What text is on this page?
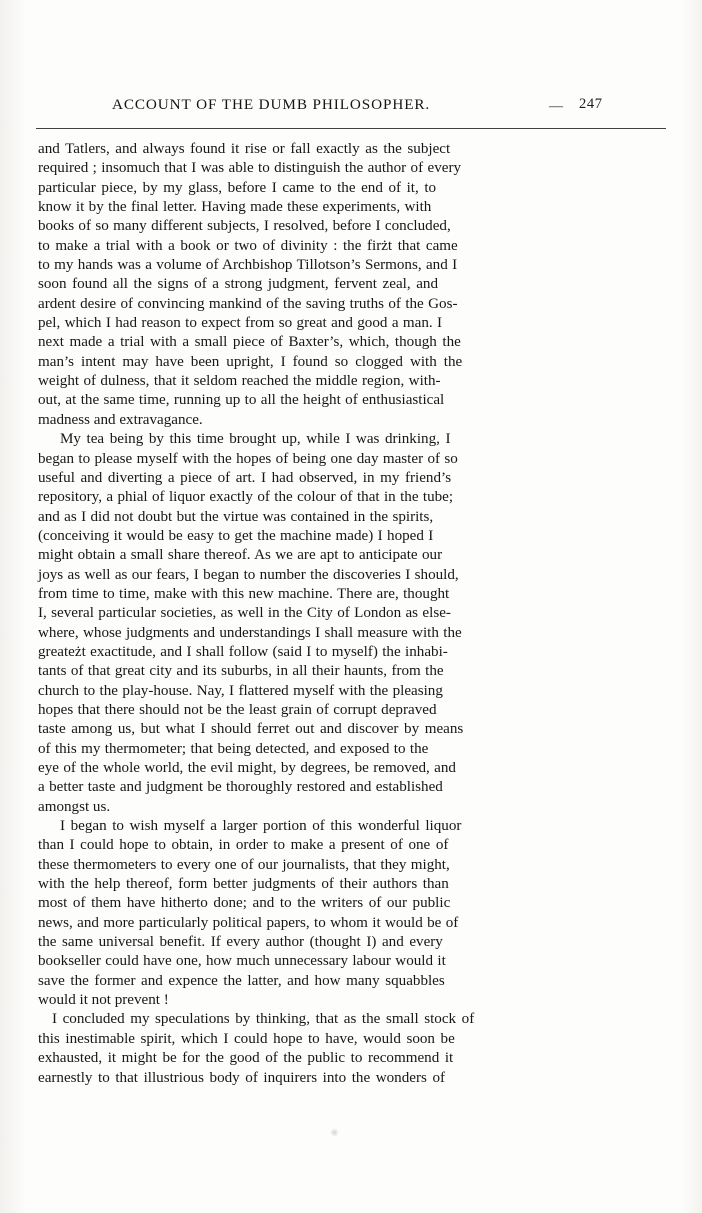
ACCOUNT OF THE DUMB PHILOSOPHER.	— 247
and Tatlers, and always found it rise or fall exactly as the subject
required ; insomuch that I was able to distinguish the author of every
particular piece, by my glass, before I came to the end of it, to
know it by the final letter. Having made these experiments, with
books of so many different subjects, I resolved, before I concluded,
to make a trial with a book or two of divinity : the firżt that came
to my hands was a volume of Archbishop Tillotson’s Sermons, and I
soon found all the signs of a strong judgment, fervent zeal, and
ardent desire of convincing mankind of the saving truths of the Gos-
pel, which I had reason to expect from so great and good a man. I
next made a trial with a small piece of Baxter’s, which, though the
man’s intent may have been upright, I found so clogged with the
weight of dulness, that it seldom reached the middle region, with-
out, at the same time, running up to all the height of enthusiastical
madness and extravagance.
My tea being by this time brought up, while I was drinking, I
began to please myself with the hopes of being one day master of so
useful and diverting a piece of art. I had observed, in my friend’s
repository, a phial of liquor exactly of the colour of that in the tube;
and as I did not doubt but the virtue was contained in the spirits,
(conceiving it would be easy to get the machine made) I hoped I
might obtain a small share thereof. As we are apt to anticipate our
joys as well as our fears, I began to number the discoveries I should,
from time to time, make with this new machine. There are, thought
I, several particular societies, as well in the City of London as else-
where, whose judgments and understandings I shall measure with the
greateżt exactitude, and I shall follow (said I to myself) the inhabi-
tants of that great city and its suburbs, in all their haunts, from the
church to the play-house. Nay, I flattered myself with the pleasing
hopes that there should not be the least grain of corrupt depraved
taste among us, but what I should ferret out and discover by means
of this my thermometer; that being detected, and exposed to the
eye of the whole world, the evil might, by degrees, be removed, and
a better taste and judgment be thoroughly restored and established
amongst us.
I began to wish myself a larger portion of this wonderful liquor
than I could hope to obtain, in order to make a present of one of
these thermometers to every one of our journalists, that they might,
with the help thereof, form better judgments of their authors than
most of them have hitherto done; and to the writers of our public
news, and more particularly political papers, to whom it would be of
the same universal benefit. If every author (thought I) and every
bookseller could have one, how much unnecessary labour would it
save the former and expence the latter, and how many squabbles
would it not prevent !
I concluded my speculations by thinking, that as the small stock of
this inestimable spirit, which I could hope to have, would soon be
exhausted, it might be for the good of the public to recommend it
earnestly to that illustrious body of inquirers into the wonders of
